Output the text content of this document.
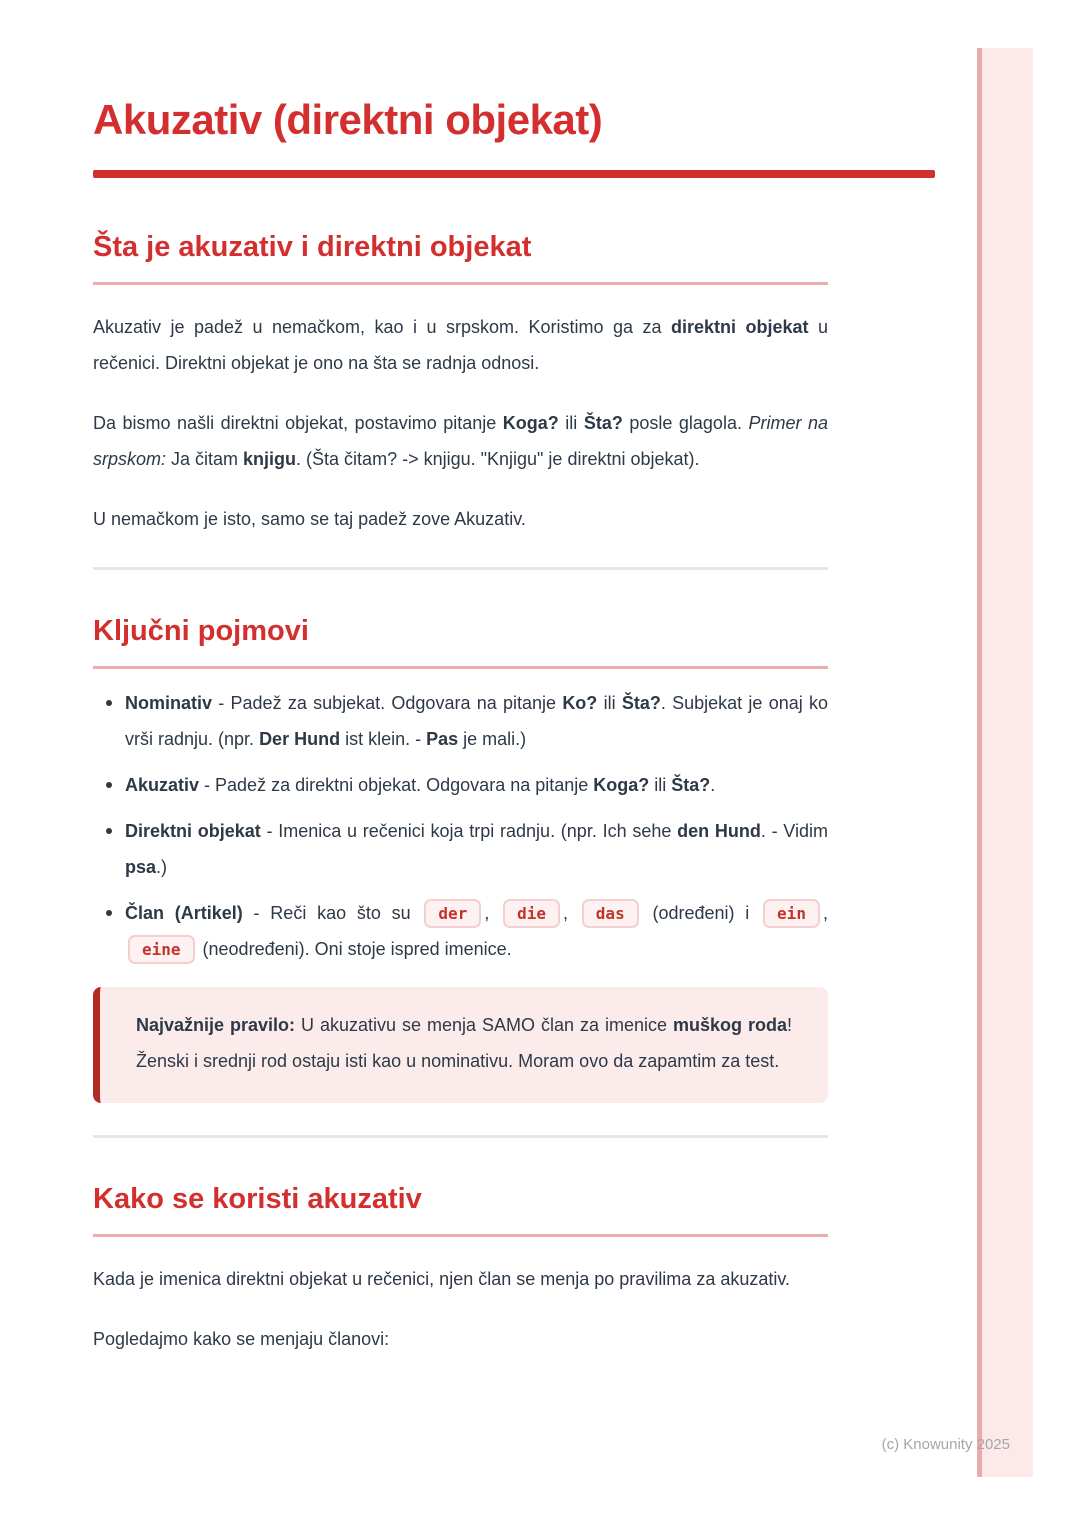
Akuzativ (direktni objekat)
Šta je akuzativ i direktni objekat

Akuzativ je padež u nemačkom, kao i u srpskom. Koristimo ga za direktni objekat u rečenici. Direktni objekat je ono na šta se radnja odnosi.

Da bismo našli direktni objekat, postavimo pitanje Koga? ili Šta? posle glagola. Primer na srpskom: Ja čitam knjigu. (Šta čitam? -> knjigu. "Knjigu" je direktni objekat).

U nemačkom je isto, samo se taj padež zove Akuzativ.

Ključni pojmovi
Nominativ - Padež za subjekat. Odgovara na pitanje Ko? ili Šta?. Subjekat je onaj ko vrši radnju. (npr. Der Hund ist klein. - Pas je mali.)
Akuzativ - Padež za direktni objekat. Odgovara na pitanje Koga? ili Šta?.
Direktni objekat - Imenica u rečenici koja trpi radnju. (npr. Ich sehe den Hund. - Vidim psa.)
Član (Artikel) - Reči kao što su der , die , das (određeni) i ein , eine (neodređeni). Oni stoje ispred imenice.

Najvažnije pravilo: U akuzativu se menja SAMO član za imenice muškog roda! Ženski i srednji rod ostaju isti kao u nominativu. Moram ovo da zapamtim za test.

Kako se koristi akuzativ

Kada je imenica direktni objekat u rečenici, njen član se menja po pravilima za akuzativ.

Pogledajmo kako se menjaju članovi:

(c) Knowunity 2025
